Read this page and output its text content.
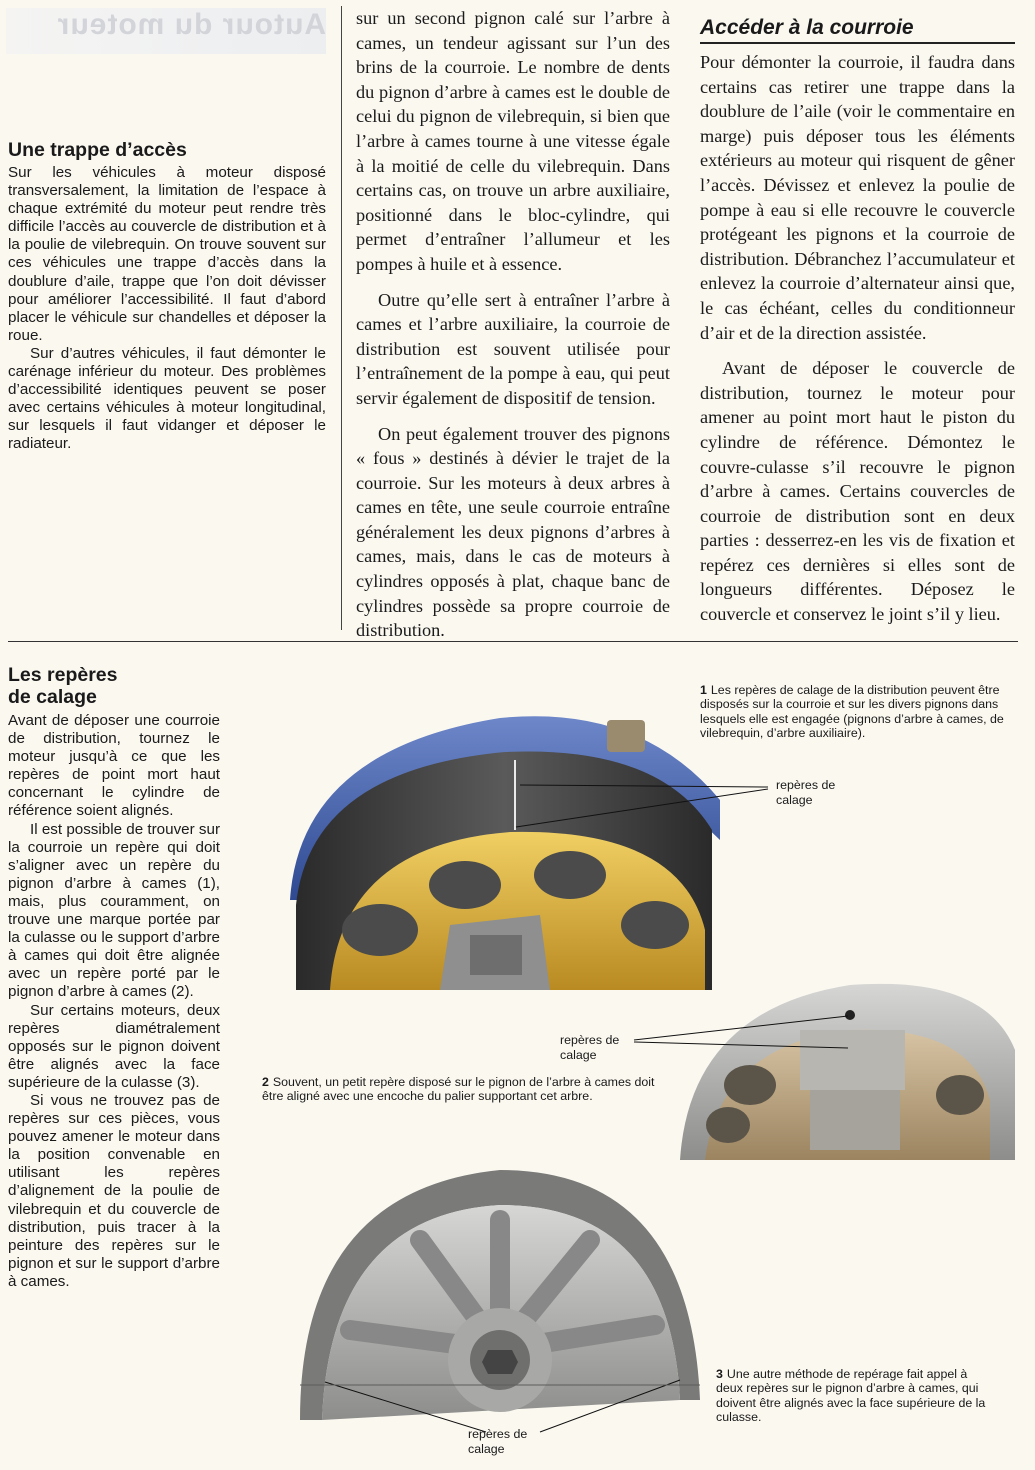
Autour du moteur
Une trappe d’accès

Sur les véhicules à moteur disposé transversalement, la limitation de l’espace à chaque extrémité du moteur peut rendre très difficile l’accès au couvercle de distribution et à la poulie de vilebrequin. On trouve souvent sur ces véhicules une trappe d’accès dans la doublure d’aile, trappe que l’on doit dévisser pour améliorer l’accessibilité. Il faut d’abord placer le véhicule sur chandelles et déposer la roue.

Sur d’autres véhicules, il faut démonter le carénage inférieur du moteur. Des problèmes d’accessibilité identiques peuvent se poser avec certains véhicules à moteur longitudinal, sur lesquels il faut vidanger et déposer le radiateur.

sur un second pignon calé sur l’arbre à cames, un tendeur agissant sur l’un des brins de la courroie. Le nombre de dents du pignon d’arbre à cames est le double de celui du pignon de vilebrequin, si bien que l’arbre à cames tourne à une vitesse égale à la moitié de celle du vilebrequin. Dans certains cas, on trouve un arbre auxiliaire, positionné dans le bloc-cylindre, qui permet d’entraîner l’allumeur et les pompes à huile et à essence.

Outre qu’elle sert à entraîner l’arbre à cames et l’arbre auxiliaire, la courroie de distribution est souvent utilisée pour l’entraînement de la pompe à eau, qui peut servir également de dispositif de tension.

On peut également trouver des pignons « fous » destinés à dévier le trajet de la courroie. Sur les moteurs à deux arbres à cames en tête, une seule courroie entraîne généralement les deux pignons d’arbres à cames, mais, dans le cas de moteurs à cylindres opposés à plat, chaque banc de cylindres possède sa propre courroie de distribution.

Accéder à la courroie

Pour démonter la courroie, il faudra dans certains cas retirer une trappe dans la doublure de l’aile (voir le commentaire en marge) puis déposer tous les éléments extérieurs au moteur qui risquent de gêner l’accès. Dévissez et enlevez la poulie de pompe à eau si elle recouvre le couvercle protégeant les pignons et la courroie de distribution. Débranchez l’accumulateur et enlevez la courroie d’alternateur ainsi que, le cas échéant, celles du conditionneur d’air et de la direction assistée.

Avant de déposer le couvercle de distribution, tournez le moteur pour amener au point mort haut le piston du cylindre de référence. Démontez le couvre-culasse s’il recouvre le pignon d’arbre à cames. Certains couvercles de courroie de distribution sont en deux parties : desserrez-en les vis de fixation et repérez ces dernières si elles sont de longueurs différentes. Déposez le couvercle et conservez le joint s’il y lieu.

Les repères
de calage

Avant de déposer une courroie de distribution, tournez le moteur jusqu’à ce que les repères de point mort haut concernant le cylindre de référence soient alignés.

Il est possible de trouver sur la courroie un repère qui doit s’aligner avec un repère du pignon d’arbre à cames (1), mais, plus couramment, on trouve une marque portée par la culasse ou le support d’arbre à cames qui doit être alignée avec un repère porté par le pignon d’arbre à cames (2).

Sur certains moteurs, deux repères diamétralement opposés sur le pignon doivent être alignés avec la face supérieure de la culasse (3).

Si vous ne trouvez pas de repères sur ces pièces, vous pouvez amener le moteur dans la position convenable en utilisant les repères d’alignement de la poulie de vilebrequin et du couvercle de distribution, puis tracer à la peinture des repères sur le pignon et sur le support d’arbre à cames.

1 Les repères de calage de la distribution peuvent être disposés sur la courroie et sur les divers pignons dans lesquels elle est engagée (pignons d’arbre à cames, de vilebrequin, d’arbre auxiliaire).
repères de
calage
repères de
calage
2 Souvent, un petit repère disposé sur le pignon de l’arbre à cames doit être aligné avec une encoche du palier supportant cet arbre.
3 Une autre méthode de repérage fait appel à deux repères sur le pignon d’arbre à cames, qui doivent être alignés avec la face supérieure de la culasse.
repères de
calage
